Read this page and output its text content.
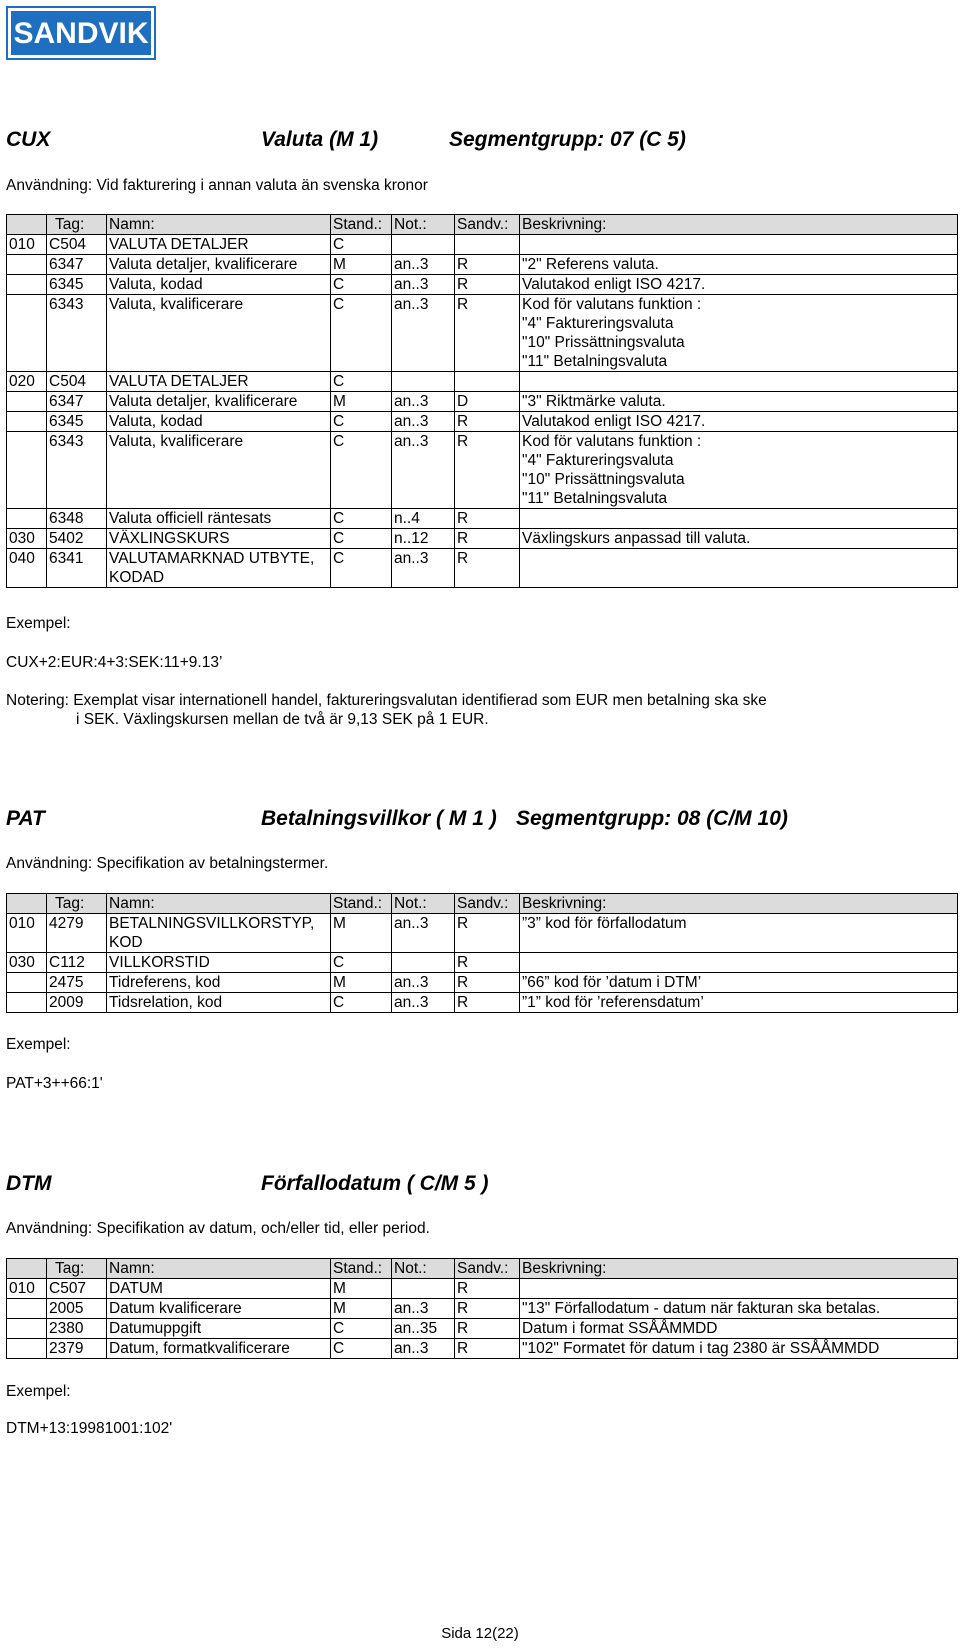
SANDVIK
CUX	Valuta (M 1)	Segmentgrupp: 07 (C 5)
Användning: Vid fakturering i annan valuta än svenska kronor
	Tag:	Namn:	Stand.:	Not.:	Sandv.:	Beskrivning:
010	C504	VALUTA DETALJER	C			
	6347	Valuta detaljer, kvalificerare	M	an..3	R	"2" Referens valuta.
	6345	Valuta, kodad	C	an..3	R	Valutakod enligt ISO 4217.
	6343	Valuta, kvalificerare	C	an..3	R	Kod för valutans funktion :
						"4" Faktureringsvaluta
						"10" Prissättningsvaluta
						"11" Betalningsvaluta
020	C504	VALUTA DETALJER	C			
	6347	Valuta detaljer, kvalificerare	M	an..3	D	"3" Riktmärke valuta.
	6345	Valuta, kodad	C	an..3	R	Valutakod enligt ISO 4217.
	6343	Valuta, kvalificerare	C	an..3	R	Kod för valutans funktion :
						"4" Faktureringsvaluta
						"10" Prissättningsvaluta
						"11" Betalningsvaluta
	6348	Valuta officiell räntesats	C	n..4	R	
030	5402	VÄXLINGSKURS	C	n..12	R	Växlingskurs anpassad till valuta.
040	6341	VALUTAMARKNAD UTBYTE,	C	an..3	R	
		KODAD				
Exempel:
CUX+2:EUR:4+3:SEK:11+9.13’
Notering: Exemplat visar internationell handel, faktureringsvalutan identifierad som EUR men betalning ska ske
i SEK. Växlingskursen mellan de två är 9,13 SEK på 1 EUR.
PAT	Betalningsvillkor ( M 1 ) Segmentgrupp: 08 (C/M 10)
Användning: Specifikation av betalningstermer.
	Tag:	Namn:	Stand.:	Not.:	Sandv.:	Beskrivning:
010	4279	BETALNINGSVILLKORSTYP,	M	an..3	R	”3” kod för förfallodatum
		KOD				
030	C112	VILLKORSTID	C		R	
	2475	Tidreferens, kod	M	an..3	R	”66” kod för ’datum i DTM’
	2009	Tidsrelation, kod	C	an..3	R	”1” kod för ’referensdatum’
Exempel:
PAT+3++66:1'
DTM	Förfallodatum ( C/M 5 )
Användning: Specifikation av datum, och/eller tid, eller period.
	Tag:	Namn:	Stand.:	Not.:	Sandv.:	Beskrivning:
010	C507	DATUM	M		R	
	2005	Datum kvalificerare	M	an..3	R	"13" Förfallodatum - datum när fakturan ska betalas.
	2380	Datumuppgift	C	an..35	R	Datum i format SSÅÅMMDD
	2379	Datum, formatkvalificerare	C	an..3	R	"102" Formatet för datum i tag 2380 är SSÅÅMMDD
Exempel:
DTM+13:19981001:102'
Sida 12(22)
